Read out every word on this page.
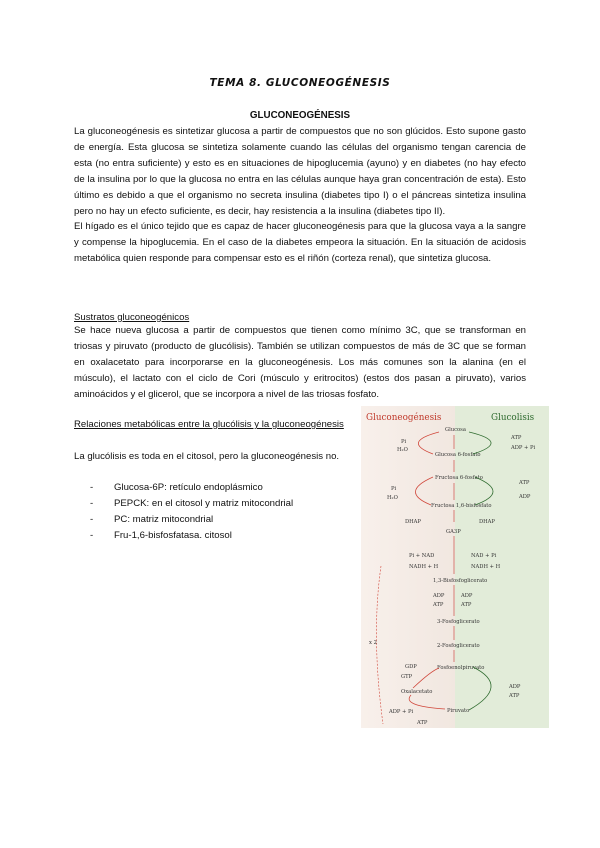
TEMA 8. GLUCONEOGÉNESIS
GLUCONEOGÉNESIS

La gluconeogénesis es sintetizar glucosa a partir de compuestos que no son glúcidos. Esto supone gasto de energía. Esta glucosa se sintetiza solamente cuando las células del organismo tengan carencia de esta (no entra suficiente) y esto es en situaciones de hipoglucemia (ayuno) y en diabetes (no hay efecto de la insulina por lo que la glucosa no entra en las células aunque haya gran concentración de esta). Esto último es debido a que el organismo no secreta insulina (diabetes tipo I) o el páncreas sintetiza insulina pero no hay un efecto suficiente, es decir, hay resistencia a la insulina (diabetes tipo II).

El hígado es el único tejido que es capaz de hacer gluconeogénesis para que la glucosa vaya a la sangre y compense la hipoglucemia. En el caso de la diabetes empeora la situación. En la situación de acidosis metabólica quien responde para compensar esto es el riñón (corteza renal), que sintetiza glucosa.

Sustratos gluconeogénicos

Se hace nueva glucosa a partir de compuestos que tienen como mínimo 3C, que se transforman en triosas y piruvato (producto de glucólisis). También se utilizan compuestos de más de 3C que se forman en oxalacetato para incorporarse en la gluconeogénesis. Los más comunes son la alanina (en el músculo), el lactato con el ciclo de Cori (músculo y eritrocitos) (estos dos pasan a piruvato), varios aminoácidos y el glicerol, que se incorpora a nivel de las triosas fosfato.

Relaciones metabólicas entre la glucólisis y la gluconeogénesis
La glucólisis es toda en el citosol, pero la gluconeogénesis no.
- Glucosa-6P: retículo endoplásmico
- PEPCK: en el citosol y matriz mitocondrial
- PC: matriz mitocondrial
- Fru-1,6-bisfosfatasa. citosol
Gluconeogénesis	Glucolisis
Glucosa
Glucosa 6-fosfato
Fructosa 6-fosfato
Fructosa 1,6-bisfosfato
DHAP	DHAP
GA3P
1,3-Bisfosfoglicerato
3-Fosfoglicerato
2-Fosfoglicerato
Fosfoenolpiruvato
Oxalacetato
Piruvato
Pi
H₂O
ATP
ADP + Pi
Pi
H₂O
ATP
ADP
Pi + NAD
NADH + H
NAD + Pi
NADH + H
ADP
ATP
ADP
ATP
GDP
GTP
ADP + Pi
ATP
ADP
ATP
x 2
